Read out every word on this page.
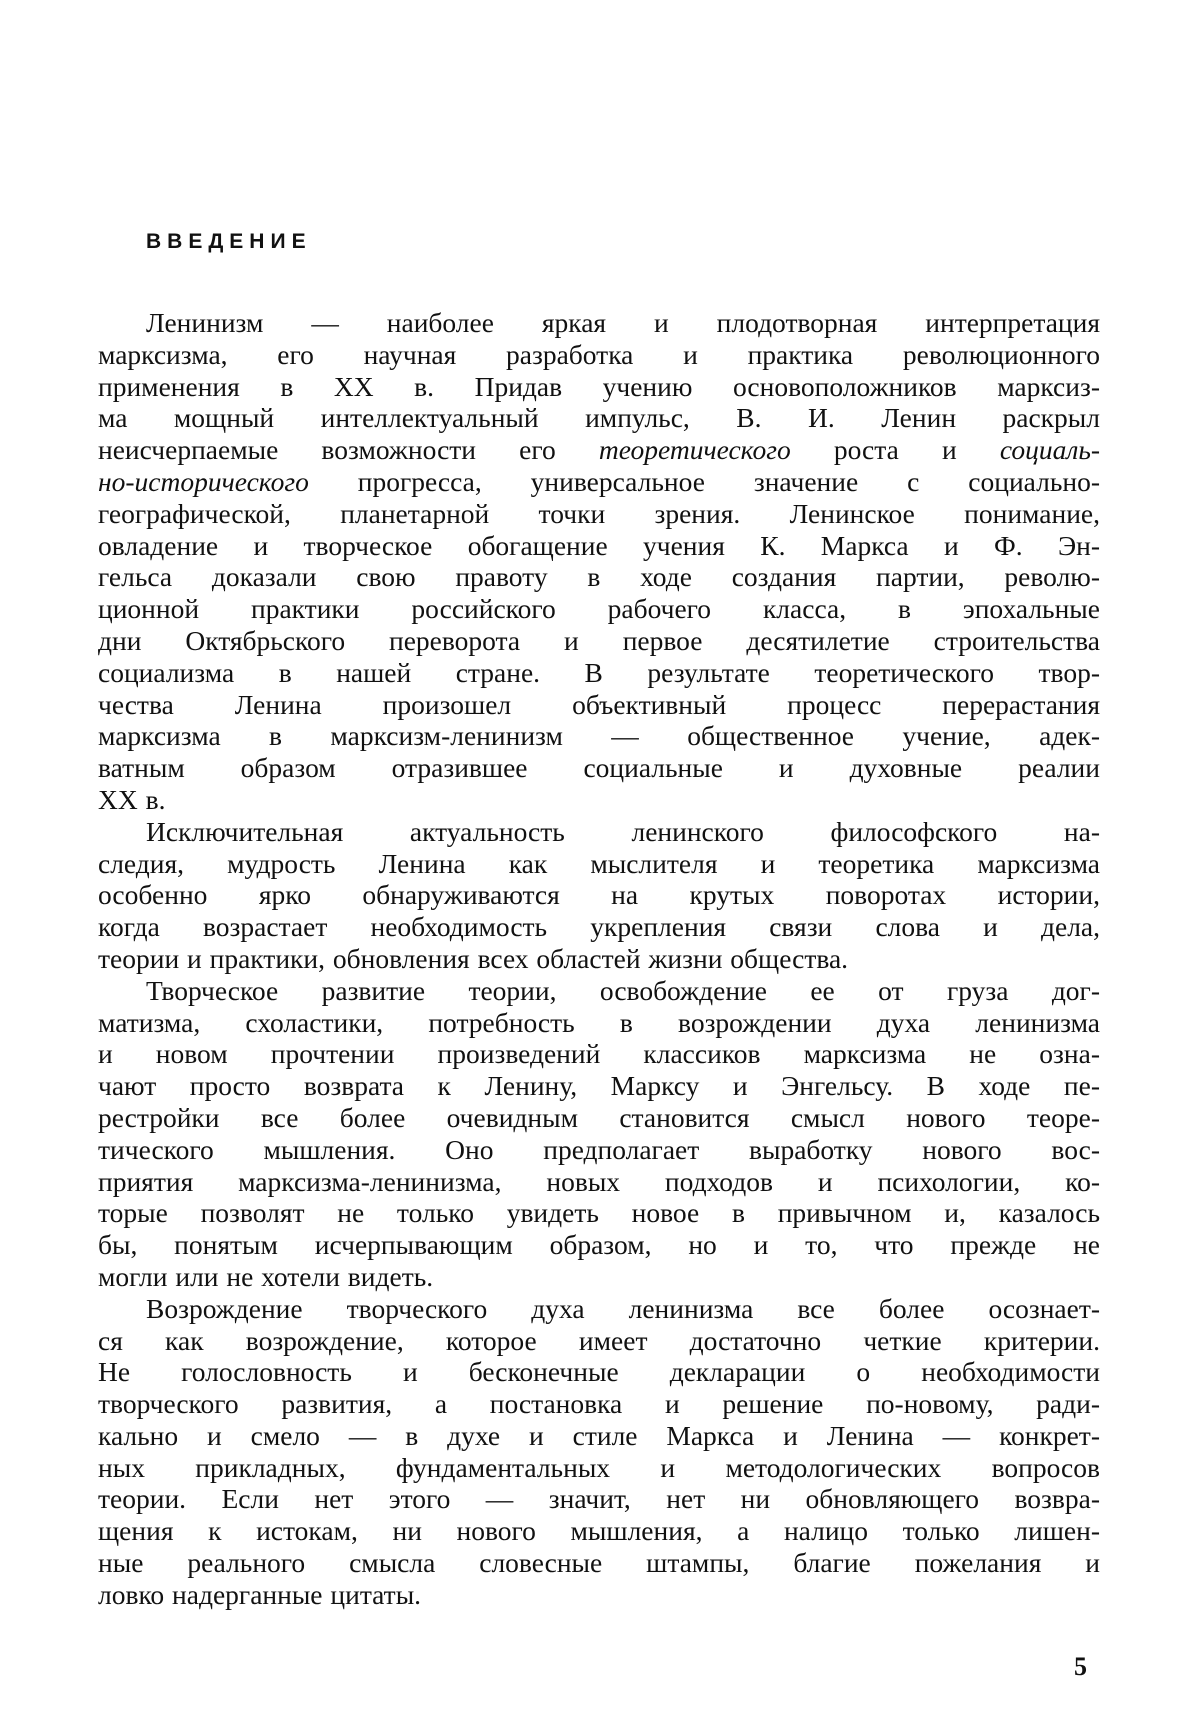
ВВЕДЕНИЕ
Ленинизм — наиболее яркая и плодотворная интерпретация
марксизма, его научная разработка и практика революционного
применения в XX в. Придав учению основоположников марксиз-
ма мощный интеллектуальный импульс, В. И. Ленин раскрыл
неисчерпаемые возможности его теоретического роста и социаль-
но-исторического прогресса, универсальное значение с социально-
географической, планетарной точки зрения. Ленинское понимание,
овладение и творческое обогащение учения К. Маркса и Ф. Эн-
гельса доказали свою правоту в ходе создания партии, револю-
ционной практики российского рабочего класса, в эпохальные
дни Октябрьского переворота и первое десятилетие строительства
социализма в нашей стране. В результате теоретического твор-
чества Ленина произошел объективный процесс перерастания
марксизма в марксизм-ленинизм — общественное учение, адек-
ватным образом отразившее социальные и духовные реалии
XX в.
Исключительная актуальность ленинского философского на-
следия, мудрость Ленина как мыслителя и теоретика марксизма
особенно ярко обнаруживаются на крутых поворотах истории,
когда возрастает необходимость укрепления связи слова и дела,
теории и практики, обновления всех областей жизни общества.
Творческое развитие теории, освобождение ее от груза дог-
матизма, схоластики, потребность в возрождении духа ленинизма
и новом прочтении произведений классиков марксизма не озна-
чают просто возврата к Ленину, Марксу и Энгельсу. В ходе пе-
рестройки все более очевидным становится смысл нового теоре-
тического мышления. Оно предполагает выработку нового вос-
приятия марксизма-ленинизма, новых подходов и психологии, ко-
торые позволят не только увидеть новое в привычном и, казалось
бы, понятым исчерпывающим образом, но и то, что прежде не
могли или не хотели видеть.
Возрождение творческого духа ленинизма все более осознает-
ся как возрождение, которое имеет достаточно четкие критерии.
Не голословность и бесконечные декларации о необходимости
творческого развития, а постановка и решение по-новому, ради-
кально и смело — в духе и стиле Маркса и Ленина — конкрет-
ных прикладных, фундаментальных и методологических вопросов
теории. Если нет этого — значит, нет ни обновляющего возвра-
щения к истокам, ни нового мышления, а налицо только лишен-
ные реального смысла словесные штампы, благие пожелания и
ловко надерганные цитаты.
5
